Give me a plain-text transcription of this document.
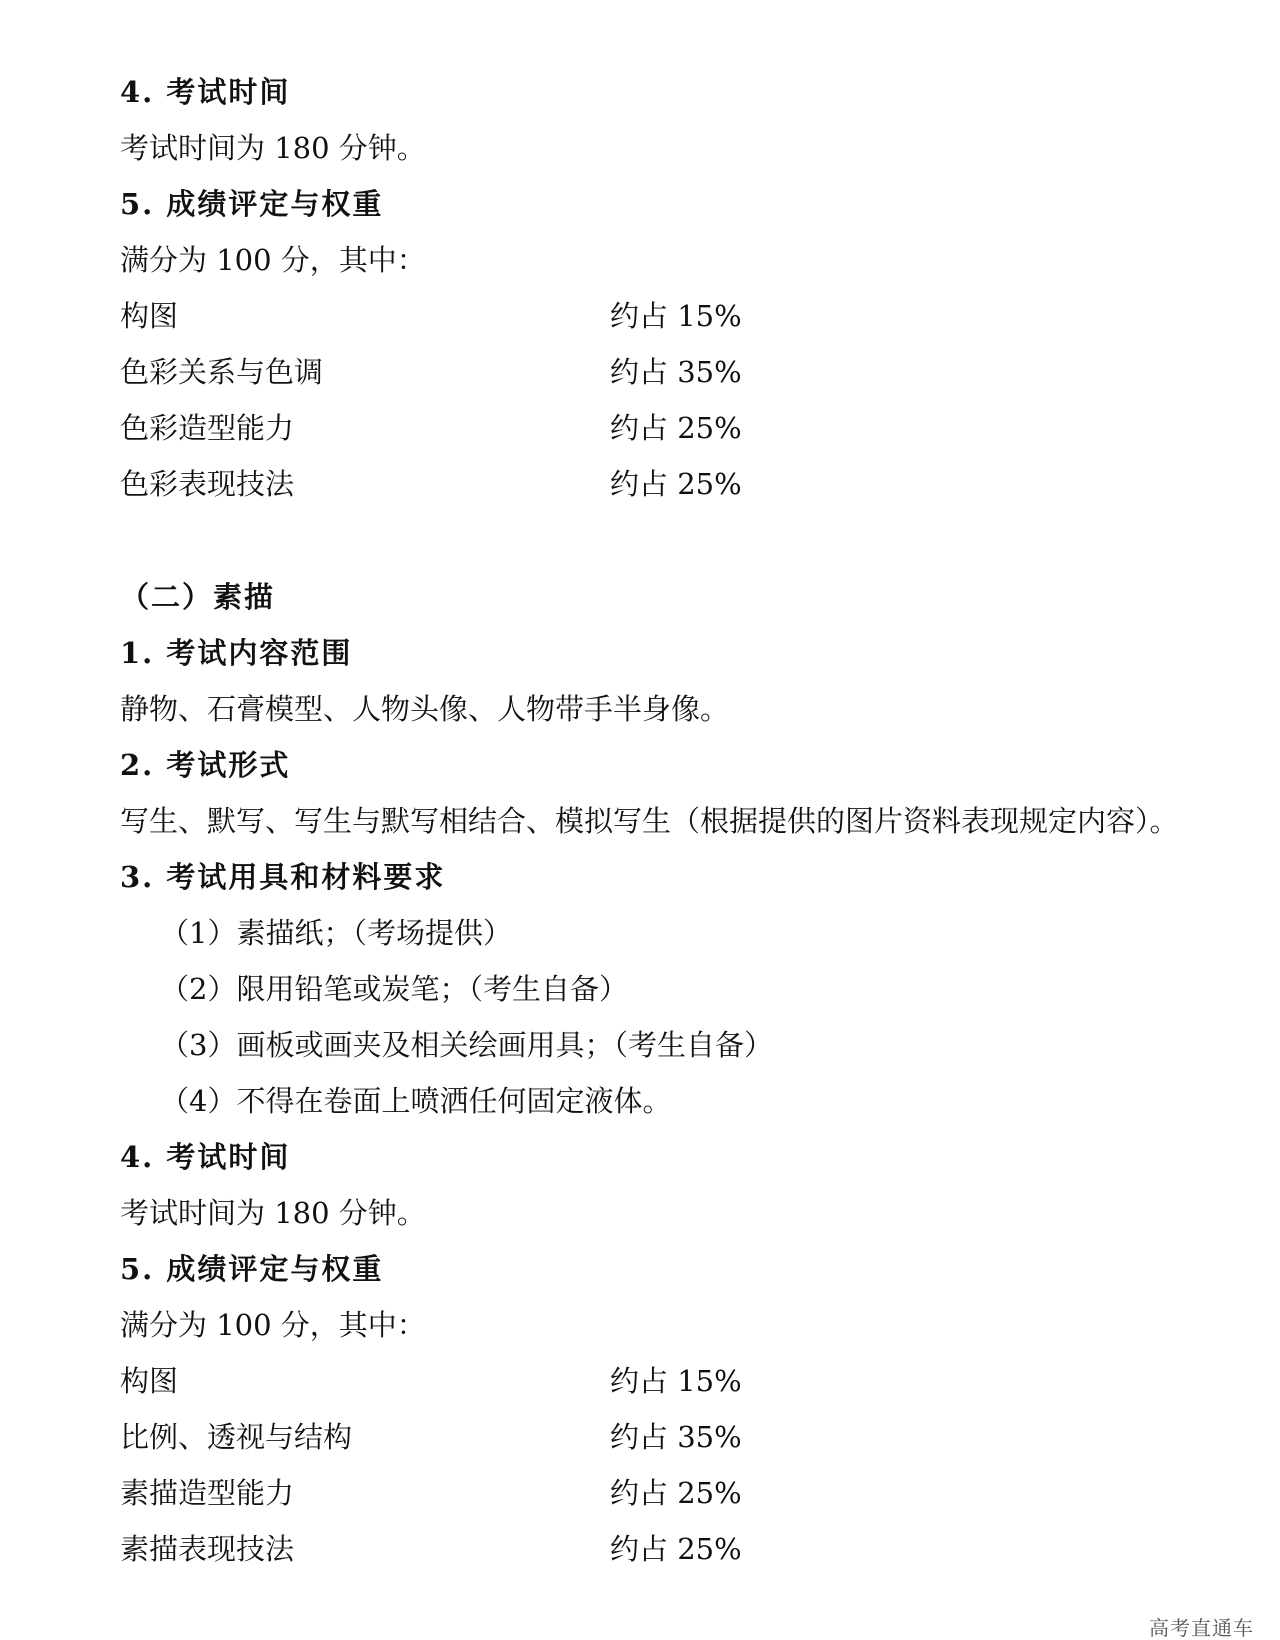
4. 考试时间
考试时间为 180 分钟。
5. 成绩评定与权重
满分为 100 分，其中：
构图	约占 15%
色彩关系与色调	约占 35%
色彩造型能力	约占 25%
色彩表现技法	约占 25%
（二）素描
1. 考试内容范围
静物、石膏模型、人物头像、人物带手半身像。
2. 考试形式
写生、默写、写生与默写相结合、模拟写生（根据提供的图片资料表现规定内容）。
3. 考试用具和材料要求
（1）素描纸；（考场提供）
（2）限用铅笔或炭笔；（考生自备）
（3）画板或画夹及相关绘画用具；（考生自备）
（4）不得在卷面上喷洒任何固定液体。
4. 考试时间
考试时间为 180 分钟。
5. 成绩评定与权重
满分为 100 分，其中：
构图	约占 15%
比例、透视与结构	约占 35%
素描造型能力	约占 25%
素描表现技法	约占 25%
高考直通车
